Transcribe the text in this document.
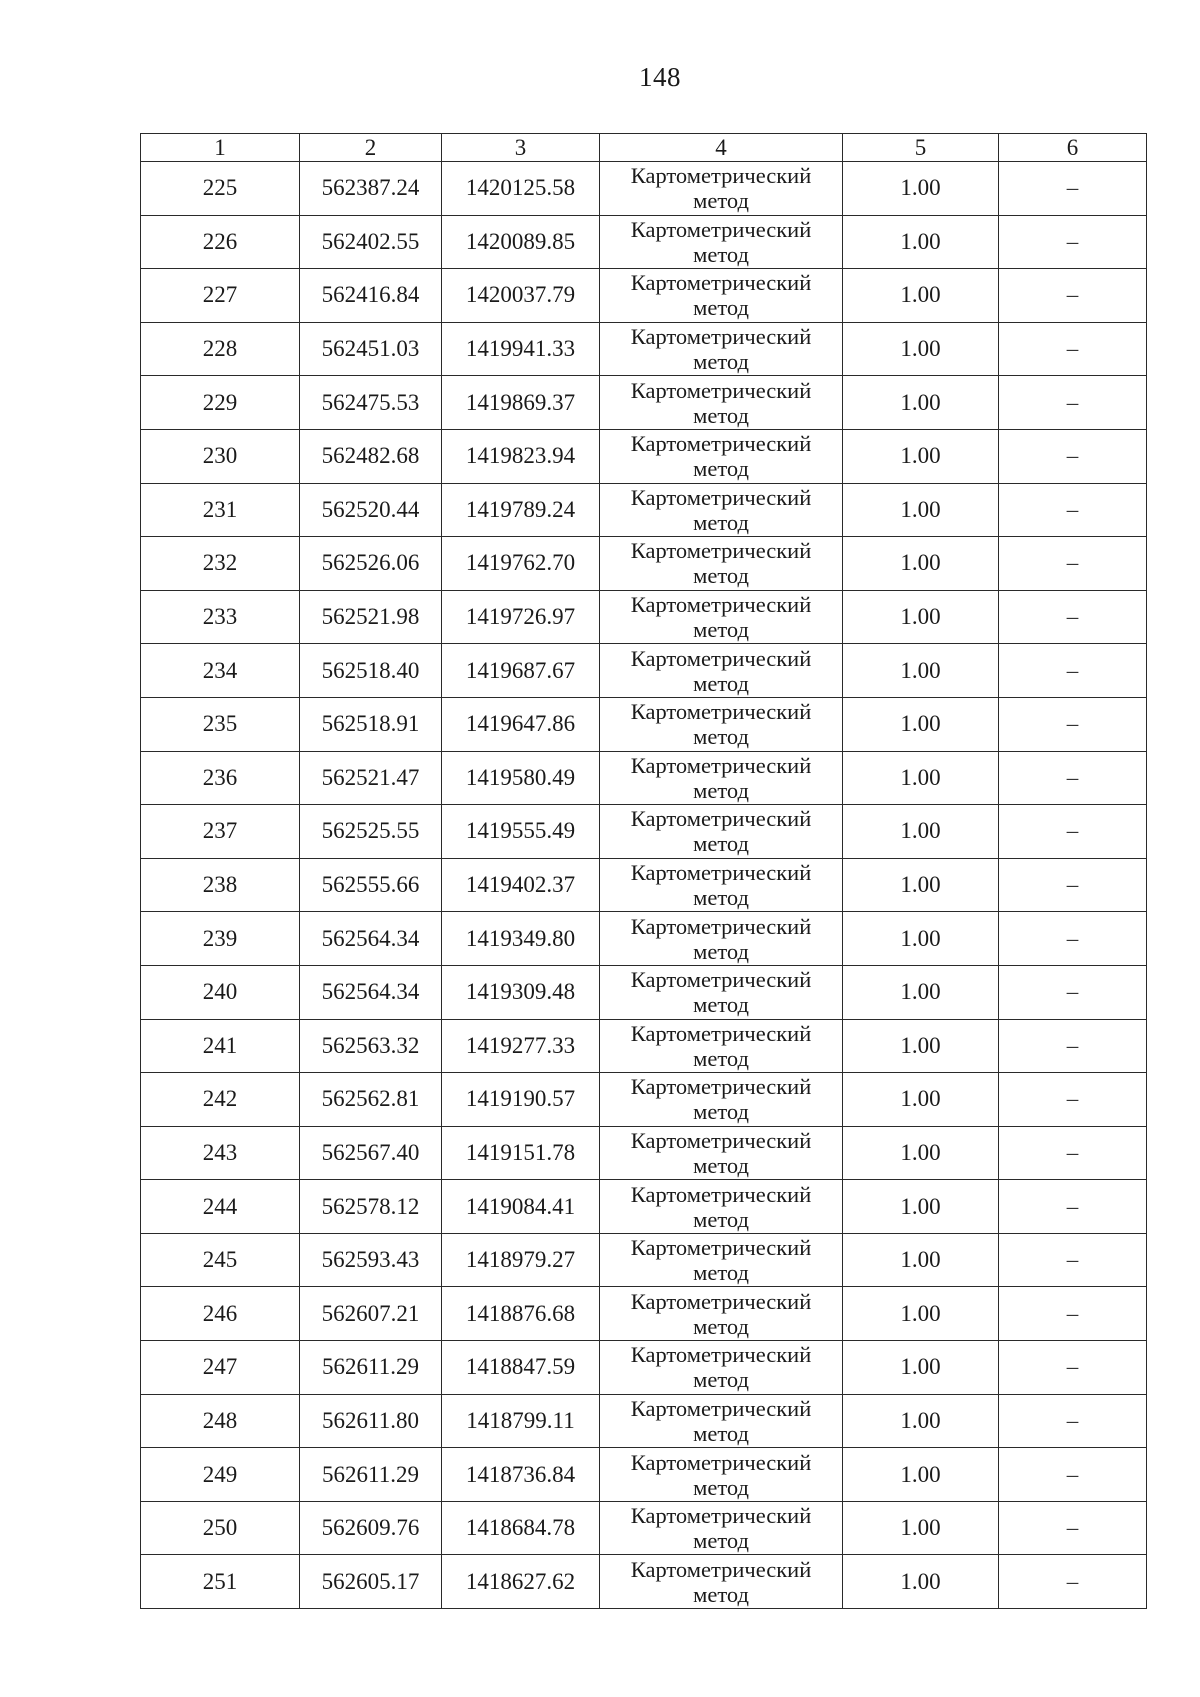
148
1	2	3	4	5	6
225	562387.24	1420125.58	Картометрический
метод	1.00	–
226	562402.55	1420089.85	Картометрический
метод	1.00	–
227	562416.84	1420037.79	Картометрический
метод	1.00	–
228	562451.03	1419941.33	Картометрический
метод	1.00	–
229	562475.53	1419869.37	Картометрический
метод	1.00	–
230	562482.68	1419823.94	Картометрический
метод	1.00	–
231	562520.44	1419789.24	Картометрический
метод	1.00	–
232	562526.06	1419762.70	Картометрический
метод	1.00	–
233	562521.98	1419726.97	Картометрический
метод	1.00	–
234	562518.40	1419687.67	Картометрический
метод	1.00	–
235	562518.91	1419647.86	Картометрический
метод	1.00	–
236	562521.47	1419580.49	Картометрический
метод	1.00	–
237	562525.55	1419555.49	Картометрический
метод	1.00	–
238	562555.66	1419402.37	Картометрический
метод	1.00	–
239	562564.34	1419349.80	Картометрический
метод	1.00	–
240	562564.34	1419309.48	Картометрический
метод	1.00	–
241	562563.32	1419277.33	Картометрический
метод	1.00	–
242	562562.81	1419190.57	Картометрический
метод	1.00	–
243	562567.40	1419151.78	Картометрический
метод	1.00	–
244	562578.12	1419084.41	Картометрический
метод	1.00	–
245	562593.43	1418979.27	Картометрический
метод	1.00	–
246	562607.21	1418876.68	Картометрический
метод	1.00	–
247	562611.29	1418847.59	Картометрический
метод	1.00	–
248	562611.80	1418799.11	Картометрический
метод	1.00	–
249	562611.29	1418736.84	Картометрический
метод	1.00	–
250	562609.76	1418684.78	Картометрический
метод	1.00	–
251	562605.17	1418627.62	Картометрический
метод	1.00	–
